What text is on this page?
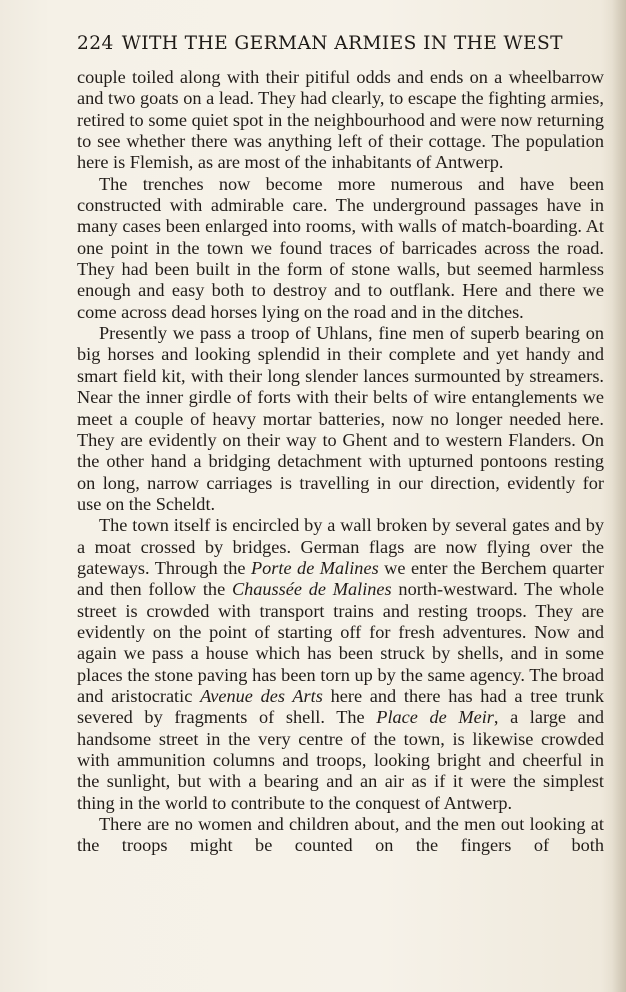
224 WITH THE GERMAN ARMIES IN THE WEST

couple toiled along with their pitiful odds and ends on a wheelbarrow and two goats on a lead. They had clearly, to escape the fighting armies, retired to some quiet spot in the neighbourhood and were now returning to see whether there was anything left of their cottage. The population here is Flemish, as are most of the inhabitants of Antwerp.

The trenches now become more numerous and have been constructed with admirable care. The underground passages have in many cases been enlarged into rooms, with walls of match-boarding. At one point in the town we found traces of barricades across the road. They had been built in the form of stone walls, but seemed harmless enough and easy both to destroy and to outflank. Here and there we come across dead horses lying on the road and in the ditches.

Presently we pass a troop of Uhlans, fine men of superb bearing on big horses and looking splendid in their complete and yet handy and smart field kit, with their long slender lances surmounted by streamers. Near the inner girdle of forts with their belts of wire entanglements we meet a couple of heavy mortar batteries, now no longer needed here. They are evidently on their way to Ghent and to western Flanders. On the other hand a bridging detachment with upturned pontoons resting on long, narrow carriages is travelling in our direction, evidently for use on the Scheldt.

The town itself is encircled by a wall broken by several gates and by a moat crossed by bridges. German flags are now flying over the gateways. Through the Porte de Malines we enter the Berchem quarter and then follow the Chaussée de Malines north-westward. The whole street is crowded with transport trains and resting troops. They are evidently on the point of starting off for fresh adventures. Now and again we pass a house which has been struck by shells, and in some places the stone paving has been torn up by the same agency. The broad and aristocratic Avenue des Arts here and there has had a tree trunk severed by fragments of shell. The Place de Meir, a large and handsome street in the very centre of the town, is likewise crowded with ammunition columns and troops, looking bright and cheerful in the sunlight, but with a bearing and an air as if it were the simplest thing in the world to contribute to the conquest of Antwerp.

There are no women and children about, and the men out looking at the troops might be counted on the fingers of both
